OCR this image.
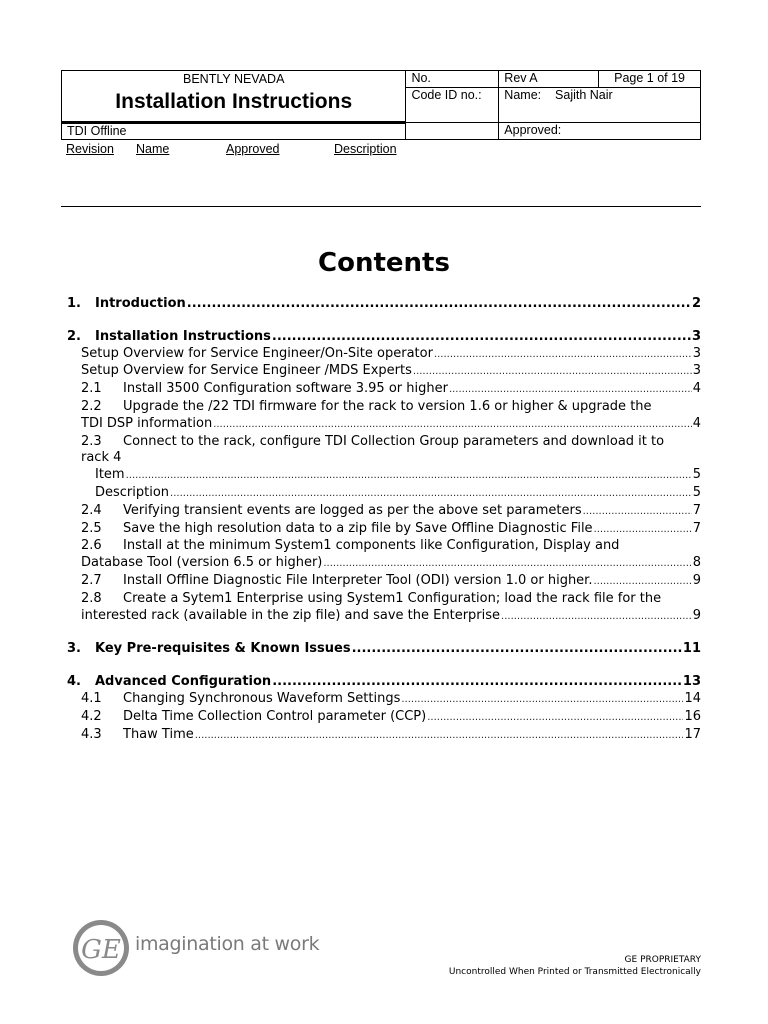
BENTLY NEVADA
Installation Instructions	No.	Rev A	Page 1 of 19
	Code ID no.:	Name: Sajith Nair	
TDI Offline		Approved:	
Revision Name	Approved	Description
Contents
1.	Introduction .....	2
2.	Installation Instructions .....	3
Setup Overview for Service Engineer/On-Site operator .....	3
Setup Overview for Service Engineer /MDS Experts .....	3
2.1	Install 3500 Configuration software 3.95 or higher .....	4
2.2	Upgrade the /22 TDI firmware for the rack to version 1.6 or higher & upgrade the
TDI DSP information .....	4
2.3	Connect to the rack, configure TDI Collection Group parameters and download it to
rack 4
Item .....	5
Description .....	5
2.4	Verifying transient events are logged as per the above set parameters .....	7
2.5	Save the high resolution data to a zip file by Save Offline Diagnostic File .....	7
2.6	Install at the minimum System1 components like Configuration, Display and
Database Tool (version 6.5 or higher) .....	8
2.7	Install Offline Diagnostic File Interpreter Tool (ODI) version 1.0 or higher. .....	9
2.8	Create a Sytem1 Enterprise using System1 Configuration; load the rack file for the
interested rack (available in the zip file) and save the Enterprise .....	9
3.	Key Pre-requisites & Known Issues .....	11
4.	Advanced Configuration .....	13
4.1	Changing Synchronous Waveform Settings .....	14
4.2	Delta Time Collection Control parameter (CCP) .....	16
4.3	Thaw Time .....	17
GE imagination at work
GE PROPRIETARY
Uncontrolled When Printed or Transmitted Electronically
